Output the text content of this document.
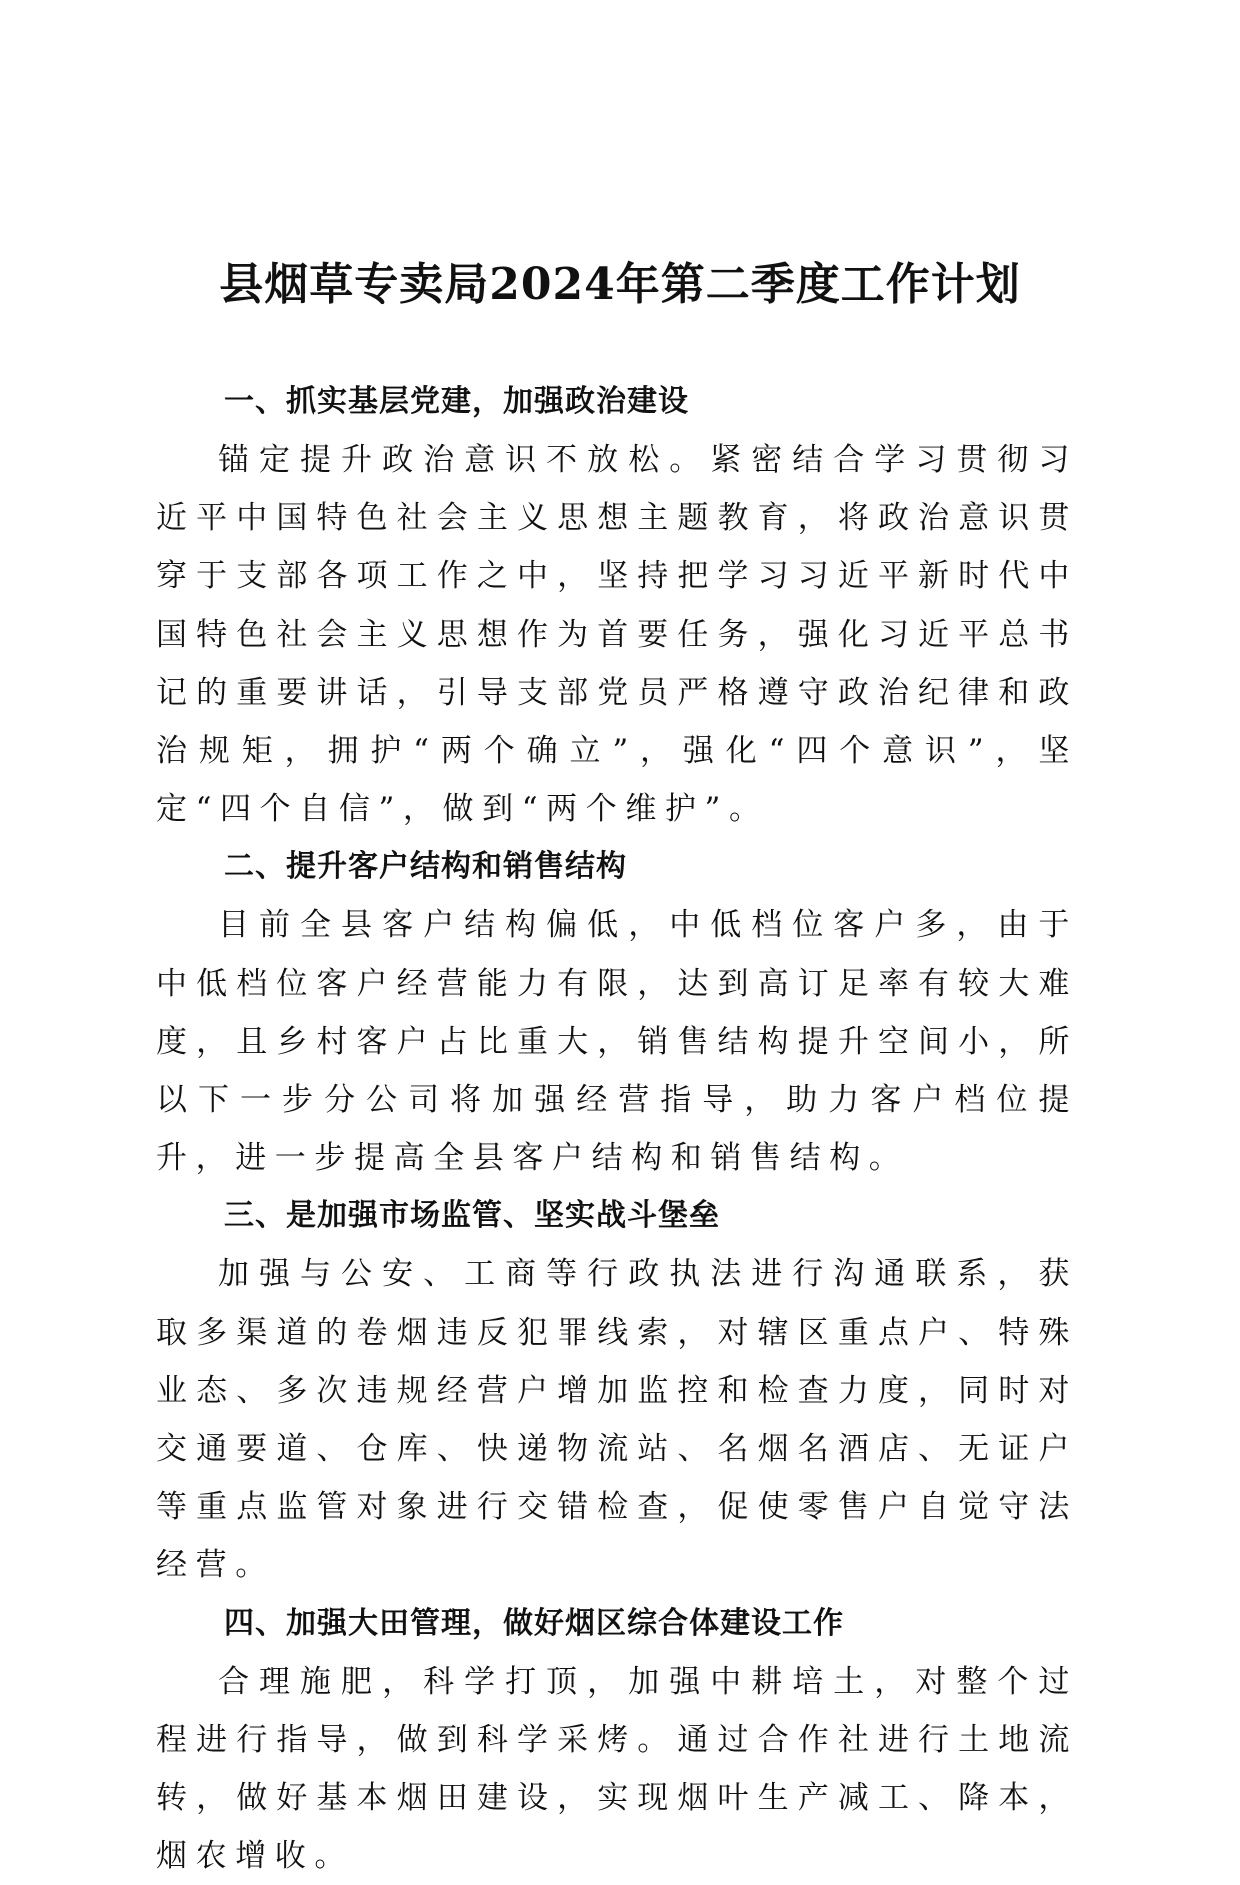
县烟草专卖局2024年第二季度工作计划
一、抓实基层党建，加强政治建设

锚定提升政治意识不放松。紧密结合学习贯彻习近平中国特色社会主义思想主题教育，将政治意识贯穿于支部各项工作之中，坚持把学习习近平新时代中国特色社会主义思想作为首要任务，强化习近平总书记的重要讲话，引导支部党员严格遵守政治纪律和政治规矩，拥护“两个确立”，强化“四个意识”，坚定“四个自信”，做到“两个维护”。

二、提升客户结构和销售结构

目前全县客户结构偏低，中低档位客户多，由于中低档位客户经营能力有限，达到高订足率有较大难度，且乡村客户占比重大，销售结构提升空间小，所以下一步分公司将加强经营指导，助力客户档位提升，进一步提高全县客户结构和销售结构。

三、是加强市场监管、坚实战斗堡垒

加强与公安、工商等行政执法进行沟通联系，获取多渠道的卷烟违反犯罪线索，对辖区重点户、特殊业态、多次违规经营户增加监控和检查力度，同时对交通要道、仓库、快递物流站、名烟名酒店、无证户等重点监管对象进行交错检查，促使零售户自觉守法经营。

四、加强大田管理，做好烟区综合体建设工作

合理施肥，科学打顶，加强中耕培土，对整个过程进行指导，做到科学采烤。通过合作社进行土地流转，做好基本烟田建设，实现烟叶生产减工、降本，烟农增收。
